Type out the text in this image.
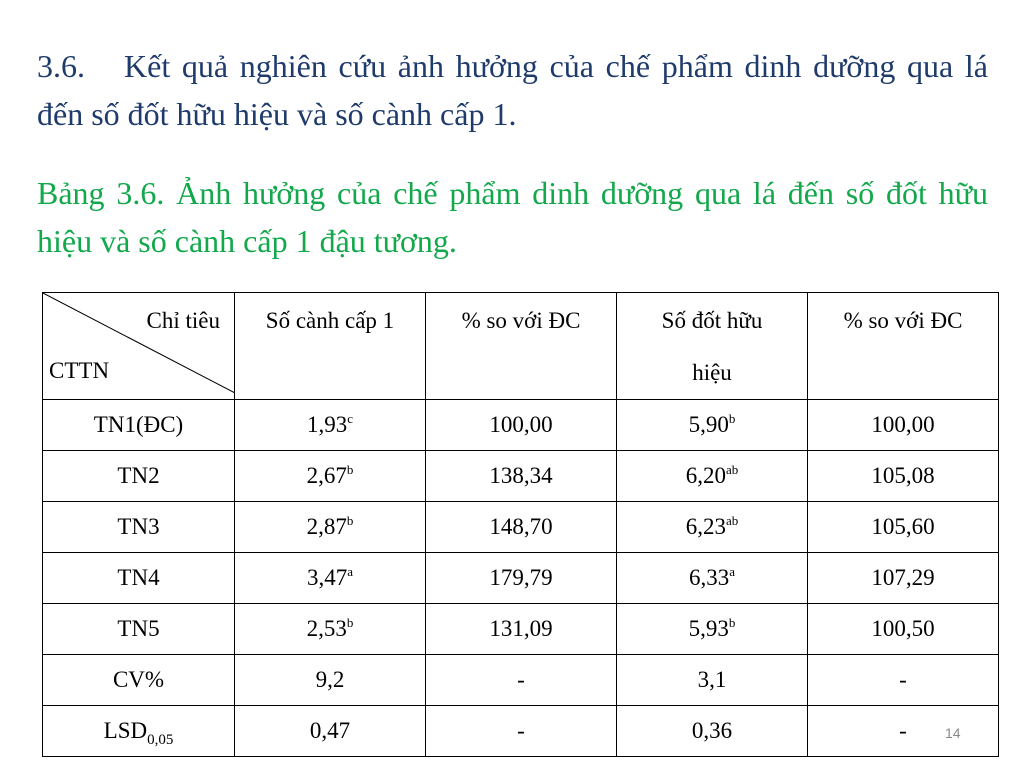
3.6. Kết quả nghiên cứu ảnh hưởng của chế phẩm dinh dưỡng qua lá đến số đốt hữu hiệu và số cành cấp 1.
Bảng 3.6. Ảnh hưởng của chế phẩm dinh dưỡng qua lá đến số đốt hữu hiệu và số cành cấp 1 đậu tương.
Chỉ tiêu
CTTN	Số cành cấp 1	% so với ĐC	Số đốt hữu hiệu	% so với ĐC
TN1(ĐC)	1,93$^c$	100,00	5,90$^b$	100,00
TN2	2,67$^b$	138,34	6,20$^{ab}$	105,08
TN3	2,87$^b$	148,70	6,23$^{ab}$	105,60
TN4	3,47$^a$	179,79	6,33$^a$	107,29
TN5	2,53$^b$	131,09	5,93$^b$	100,50
CV%	9,2	-	3,1	-
$LSD_{0,05}$	0,47	-	0,36	-	14
